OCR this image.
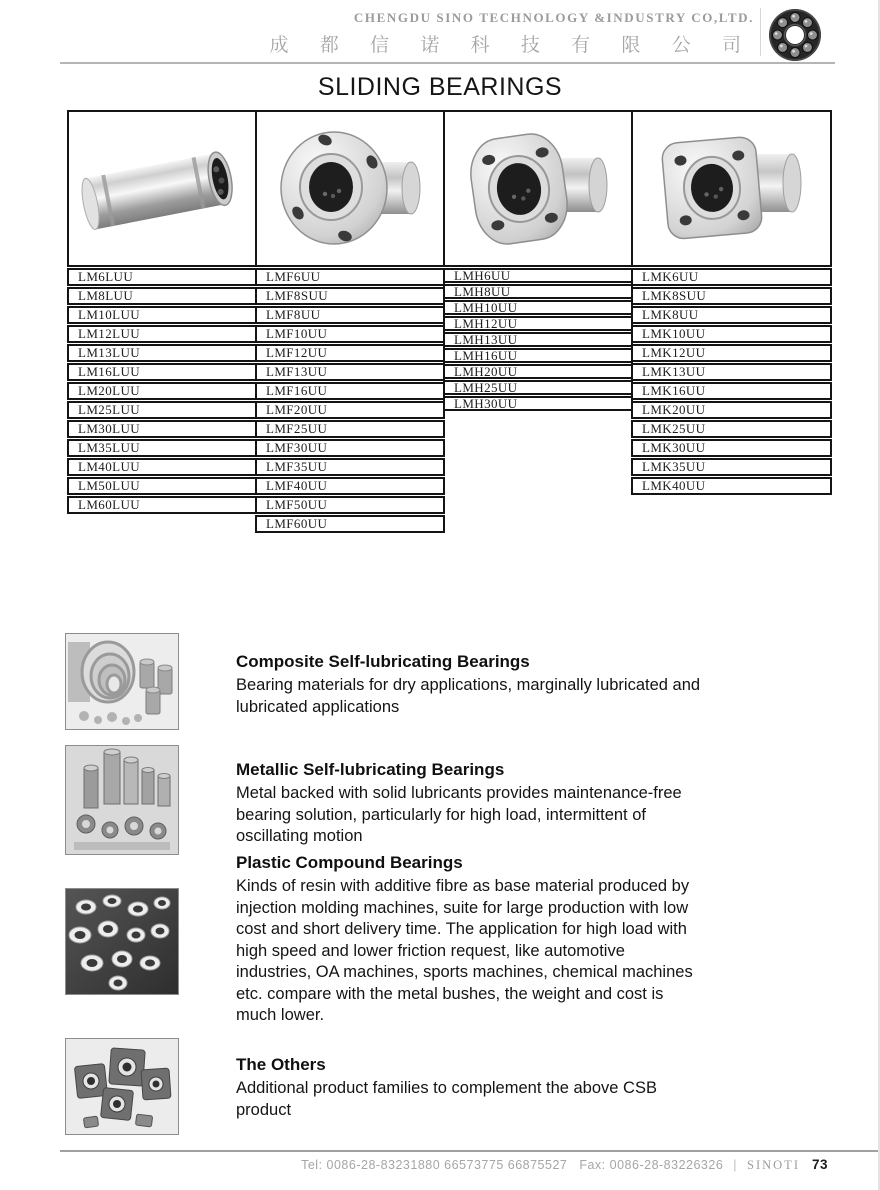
CHENGDU SINO TECHNOLOGY &INDUSTRY CO,LTD.
成 都 信 诺 科 技 有 限 公 司
SLIDING BEARINGS
LM6LUU
LM8LUU
LM10LUU
LM12LUU
LM13LUU
LM16LUU
LM20LUU
LM25LUU
LM30LUU
LM35LUU
LM40LUU
LM50LUU
LM60LUU
LMF6UU
LMF8SUU
LMF8UU
LMF10UU
LMF12UU
LMF13UU
LMF16UU
LMF20UU
LMF25UU
LMF30UU
LMF35UU
LMF40UU
LMF50UU
LMF60UU
LMH6UU
LMH8UU
LMH10UU
LMH12UU
LMH13UU
LMH16UU
LMH20UU
LMH25UU
LMH30UU
LMK6UU
LMK8SUU
LMK8UU
LMK10UU
LMK12UU
LMK13UU
LMK16UU
LMK20UU
LMK25UU
LMK30UU
LMK35UU
LMK40UU
Composite Self-lubricating Bearings
Bearing materials for dry applications, marginally lubricated and lubricated applications
Metallic Self-lubricating Bearings
Metal backed with solid lubricants provides maintenance-free bearing solution, particularly for high load, intermittent of oscillating motion
Plastic Compound Bearings
Kinds of resin with additive fibre as base material produced by injection molding machines, suite for large production with low cost and short delivery time. The application for high load with high speed and lower friction request, like automotive industries, OA machines, sports machines, chemical machines etc. compare with the metal bushes, the weight and cost is much lower.
The Others
Additional product families to complement the above CSB product
Tel: 0086-28-83231880 66573775 66875527 Fax: 0086-28-83226326 | SINOTI 73
